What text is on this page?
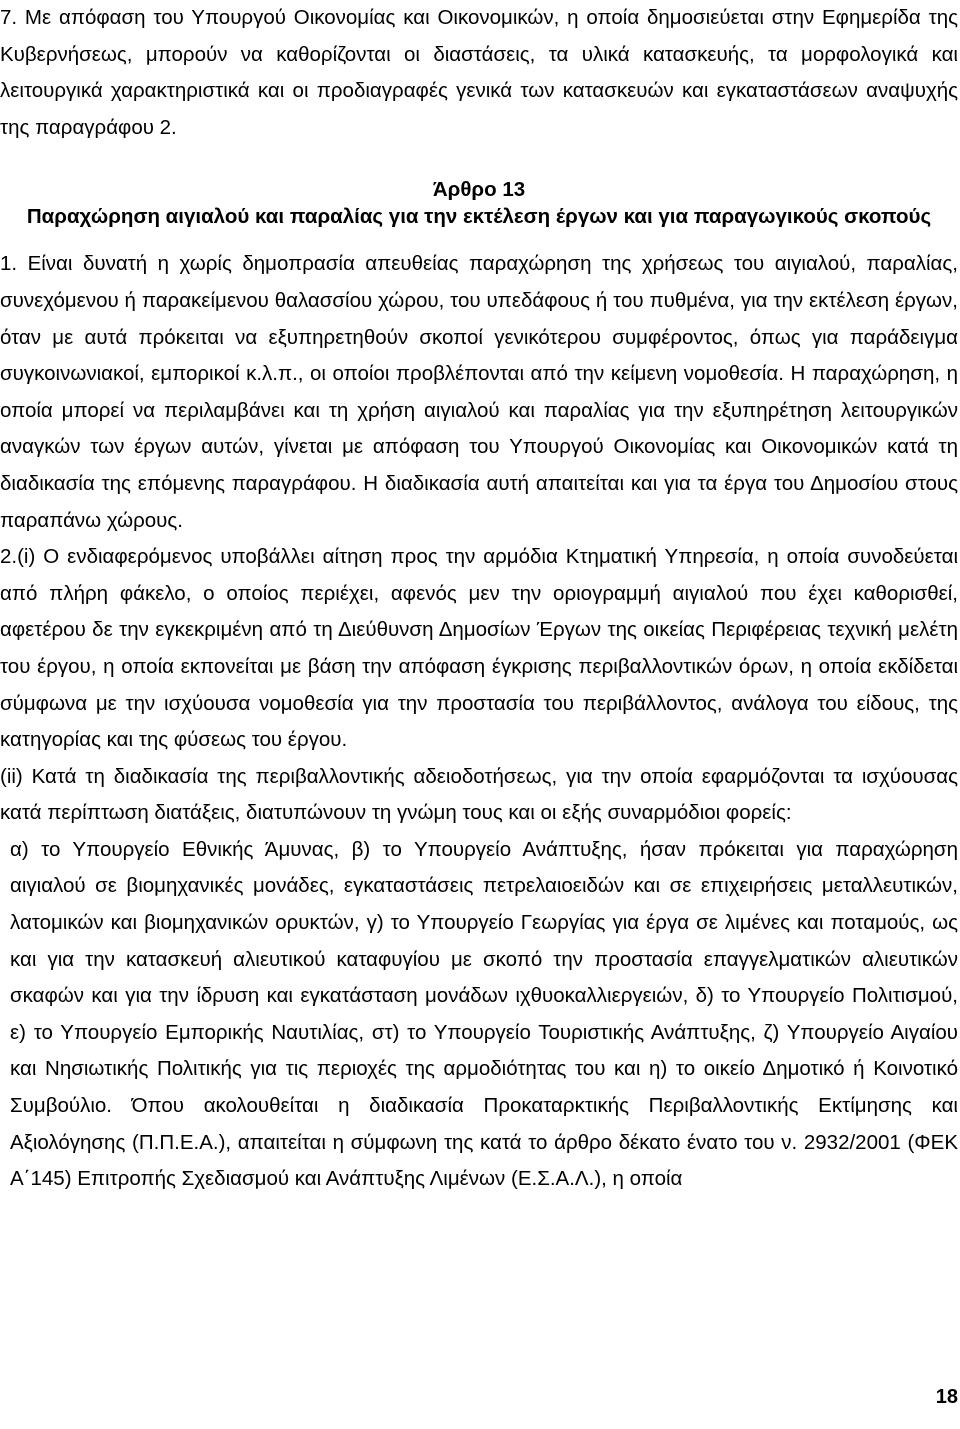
7. Με απόφαση του Υπουργού Οικονομίας και Οικονομικών, η οποία δημοσιεύεται στην Εφημερίδα της Κυβερνήσεως, μπορούν να καθορίζονται οι διαστάσεις, τα υλικά κατασκευής, τα μορφολογικά και λειτουργικά χαρακτηριστικά και οι προδιαγραφές γενικά των κατασκευών και εγκαταστάσεων αναψυχής της παραγράφου 2.

Άρθρο 13
Παραχώρηση αιγιαλού και παραλίας για την εκτέλεση έργων και για παραγωγικούς σκοπούς

1. Είναι δυνατή η χωρίς δημοπρασία απευθείας παραχώρηση της χρήσεως του αιγιαλού, παραλίας, συνεχόμενου ή παρακείμενου θαλασσίου χώρου, του υπεδάφους ή του πυθμένα, για την εκτέλεση έργων, όταν με αυτά πρόκειται να εξυπηρετηθούν σκοποί γενικότερου συμφέροντος, όπως για παράδειγμα συγκοινωνιακοί, εμπορικοί κ.λ.π., οι οποίοι προβλέπονται από την κείμενη νομοθεσία. Η παραχώρηση, η οποία μπορεί να περιλαμβάνει και τη χρήση αιγιαλού και παραλίας για την εξυπηρέτηση λειτουργικών αναγκών των έργων αυτών, γίνεται με απόφαση του Υπουργού Οικονομίας και Οικονομικών κατά τη διαδικασία της επόμενης παραγράφου. Η διαδικασία αυτή απαιτείται και για τα έργα του Δημοσίου στους παραπάνω χώρους.

2.(i) Ο ενδιαφερόμενος υποβάλλει αίτηση προς την αρμόδια Κτηματική Υπηρεσία, η οποία συνοδεύεται από πλήρη φάκελο, ο οποίος περιέχει, αφενός μεν την οριογραμμή αιγιαλού που έχει καθορισθεί, αφετέρου δε την εγκεκριμένη από τη Διεύθυνση Δημοσίων Έργων της οικείας Περιφέρειας τεχνική μελέτη του έργου, η οποία εκπονείται με βάση την απόφαση έγκρισης περιβαλλοντικών όρων, η οποία εκδίδεται σύμφωνα με την ισχύουσα νομοθεσία για την προστασία του περιβάλλοντος, ανάλογα του είδους, της κατηγορίας και της φύσεως του έργου.

(ii) Κατά τη διαδικασία της περιβαλλοντικής αδειοδοτήσεως, για την οποία εφαρμόζονται τα ισχύουσας κατά περίπτωση διατάξεις, διατυπώνουν τη γνώμη τους και οι εξής συναρμόδιοι φορείς:

α) το Υπουργείο Εθνικής Άμυνας, β) το Υπουργείο Ανάπτυξης, ήσαν πρόκειται για παραχώρηση αιγιαλού σε βιομηχανικές μονάδες, εγκαταστάσεις πετρελαιοειδών και σε επιχειρήσεις μεταλλευτικών, λατομικών και βιομηχανικών ορυκτών, γ) το Υπουργείο Γεωργίας για έργα σε λιμένες και ποταμούς, ως και για την κατασκευή αλιευτικού καταφυγίου με σκοπό την προστασία επαγγελματικών αλιευτικών σκαφών και για την ίδρυση και εγκατάσταση μονάδων ιχθυοκαλλιεργειών, δ) το Υπουργείο Πολιτισμού, ε) το Υπουργείο Εμπορικής Ναυτιλίας, στ) το Υπουργείο Τουριστικής Ανάπτυξης, ζ) Υπουργείο Αιγαίου και Νησιωτικής Πολιτικής για τις περιοχές της αρμοδιότητας του και η) το οικείο Δημοτικό ή Κοινοτικό Συμβούλιο. Όπου ακολουθείται η διαδικασία Προκαταρκτικής Περιβαλλοντικής Εκτίμησης και Αξιολόγησης (Π.Π.Ε.Α.), απαιτείται η σύμφωνη της κατά το άρθρο δέκατο ένατο του ν. 2932/2001 (ΦΕΚ Α΄145) Επιτροπής Σχεδιασμού και Ανάπτυξης Λιμένων (Ε.Σ.Α.Λ.), η οποία

18
